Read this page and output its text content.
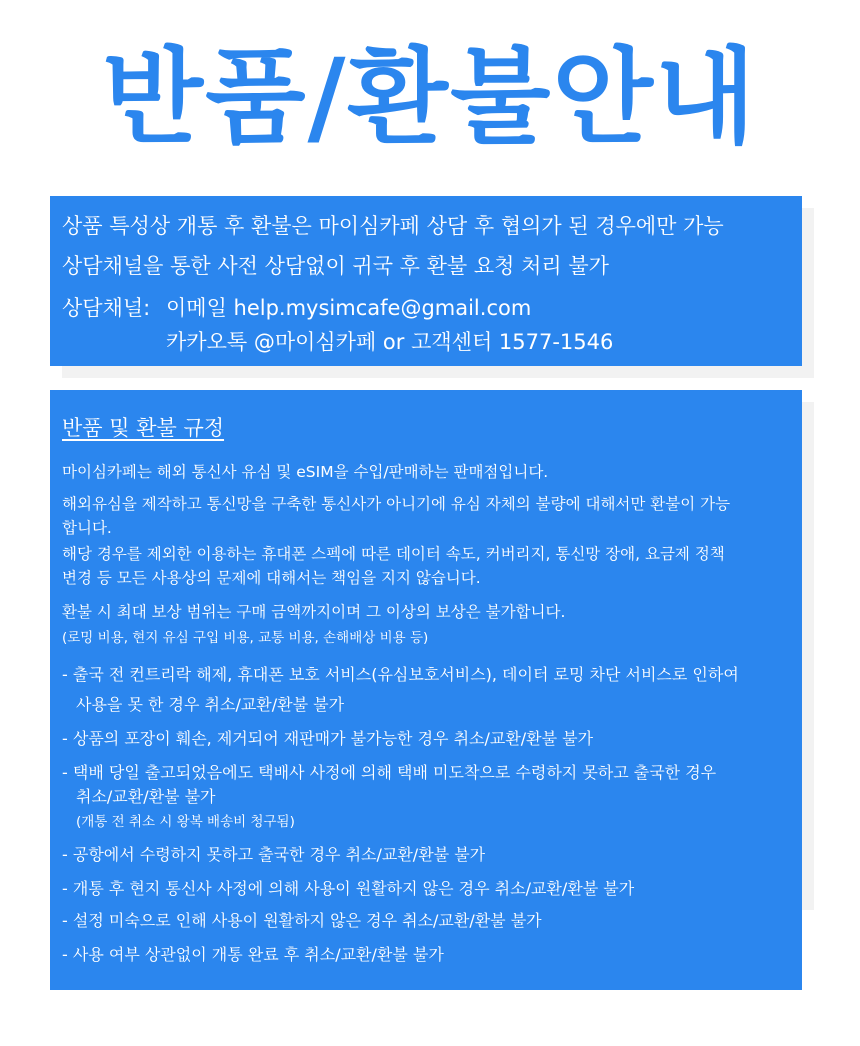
반품/환불안내
상품 특성상 개통 후 환불은 마이심카페 상담 후 협의가 된 경우에만 가능
상담채널을 통한 사전 상담없이 귀국 후 환불 요청 처리 불가
상담채널: 이메일 help.mysimcafe@gmail.com
카카오톡 @마이심카페 or 고객센터 1577-1546
반품 및 환불 규정
마이심카페는 해외 통신사 유심 및 eSIM을 수입/판매하는 판매점입니다.
해외유심을 제작하고 통신망을 구축한 통신사가 아니기에 유심 자체의 불량에 대해서만 환불이 가능
합니다.
해당 경우를 제외한 이용하는 휴대폰 스펙에 따른 데이터 속도, 커버리지, 통신망 장애, 요금제 정책
변경 등 모든 사용상의 문제에 대해서는 책임을 지지 않습니다.
환불 시 최대 보상 범위는 구매 금액까지이며 그 이상의 보상은 불가합니다.
(로밍 비용, 현지 유심 구입 비용, 교통 비용, 손해배상 비용 등)
- 출국 전 컨트리락 해제, 휴대폰 보호 서비스(유심보호서비스), 데이터 로밍 차단 서비스로 인하여
사용을 못 한 경우 취소/교환/환불 불가
- 상품의 포장이 훼손, 제거되어 재판매가 불가능한 경우 취소/교환/환불 불가
- 택배 당일 출고되었음에도 택배사 사정에 의해 택배 미도착으로 수령하지 못하고 출국한 경우
취소/교환/환불 불가
(개통 전 취소 시 왕복 배송비 청구됨)
- 공항에서 수령하지 못하고 출국한 경우 취소/교환/환불 불가
- 개통 후 현지 통신사 사정에 의해 사용이 원활하지 않은 경우 취소/교환/환불 불가
- 설정 미숙으로 인해 사용이 원활하지 않은 경우 취소/교환/환불 불가
- 사용 여부 상관없이 개통 완료 후 취소/교환/환불 불가
